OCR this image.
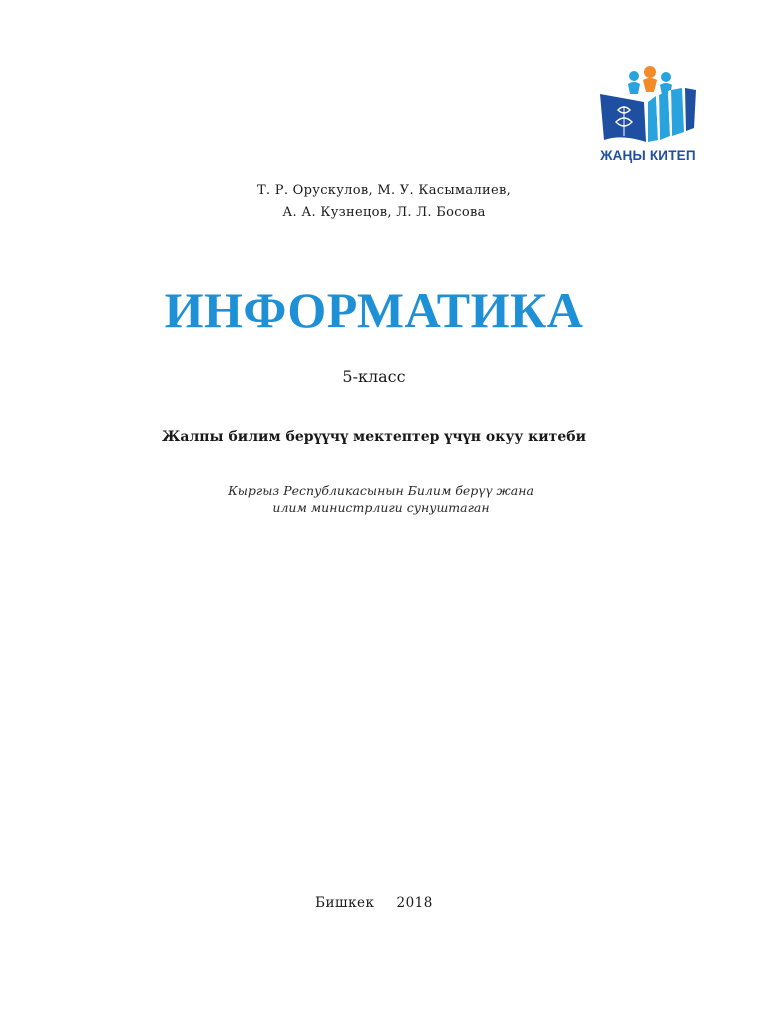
ЖАҢЫ КИТЕП
Т. Р. Орускулов, М. У. Касымалиев,
А. А. Кузнецов, Л. Л. Босова
ИНФОРМАТИКА
5-класс
Жалпы билим берүүчү мектептер үчүн окуу китеби
Кыргыз Республикасынын Билим берүү жана
илим министрлиги сунуштаган
Бишкек 2018
